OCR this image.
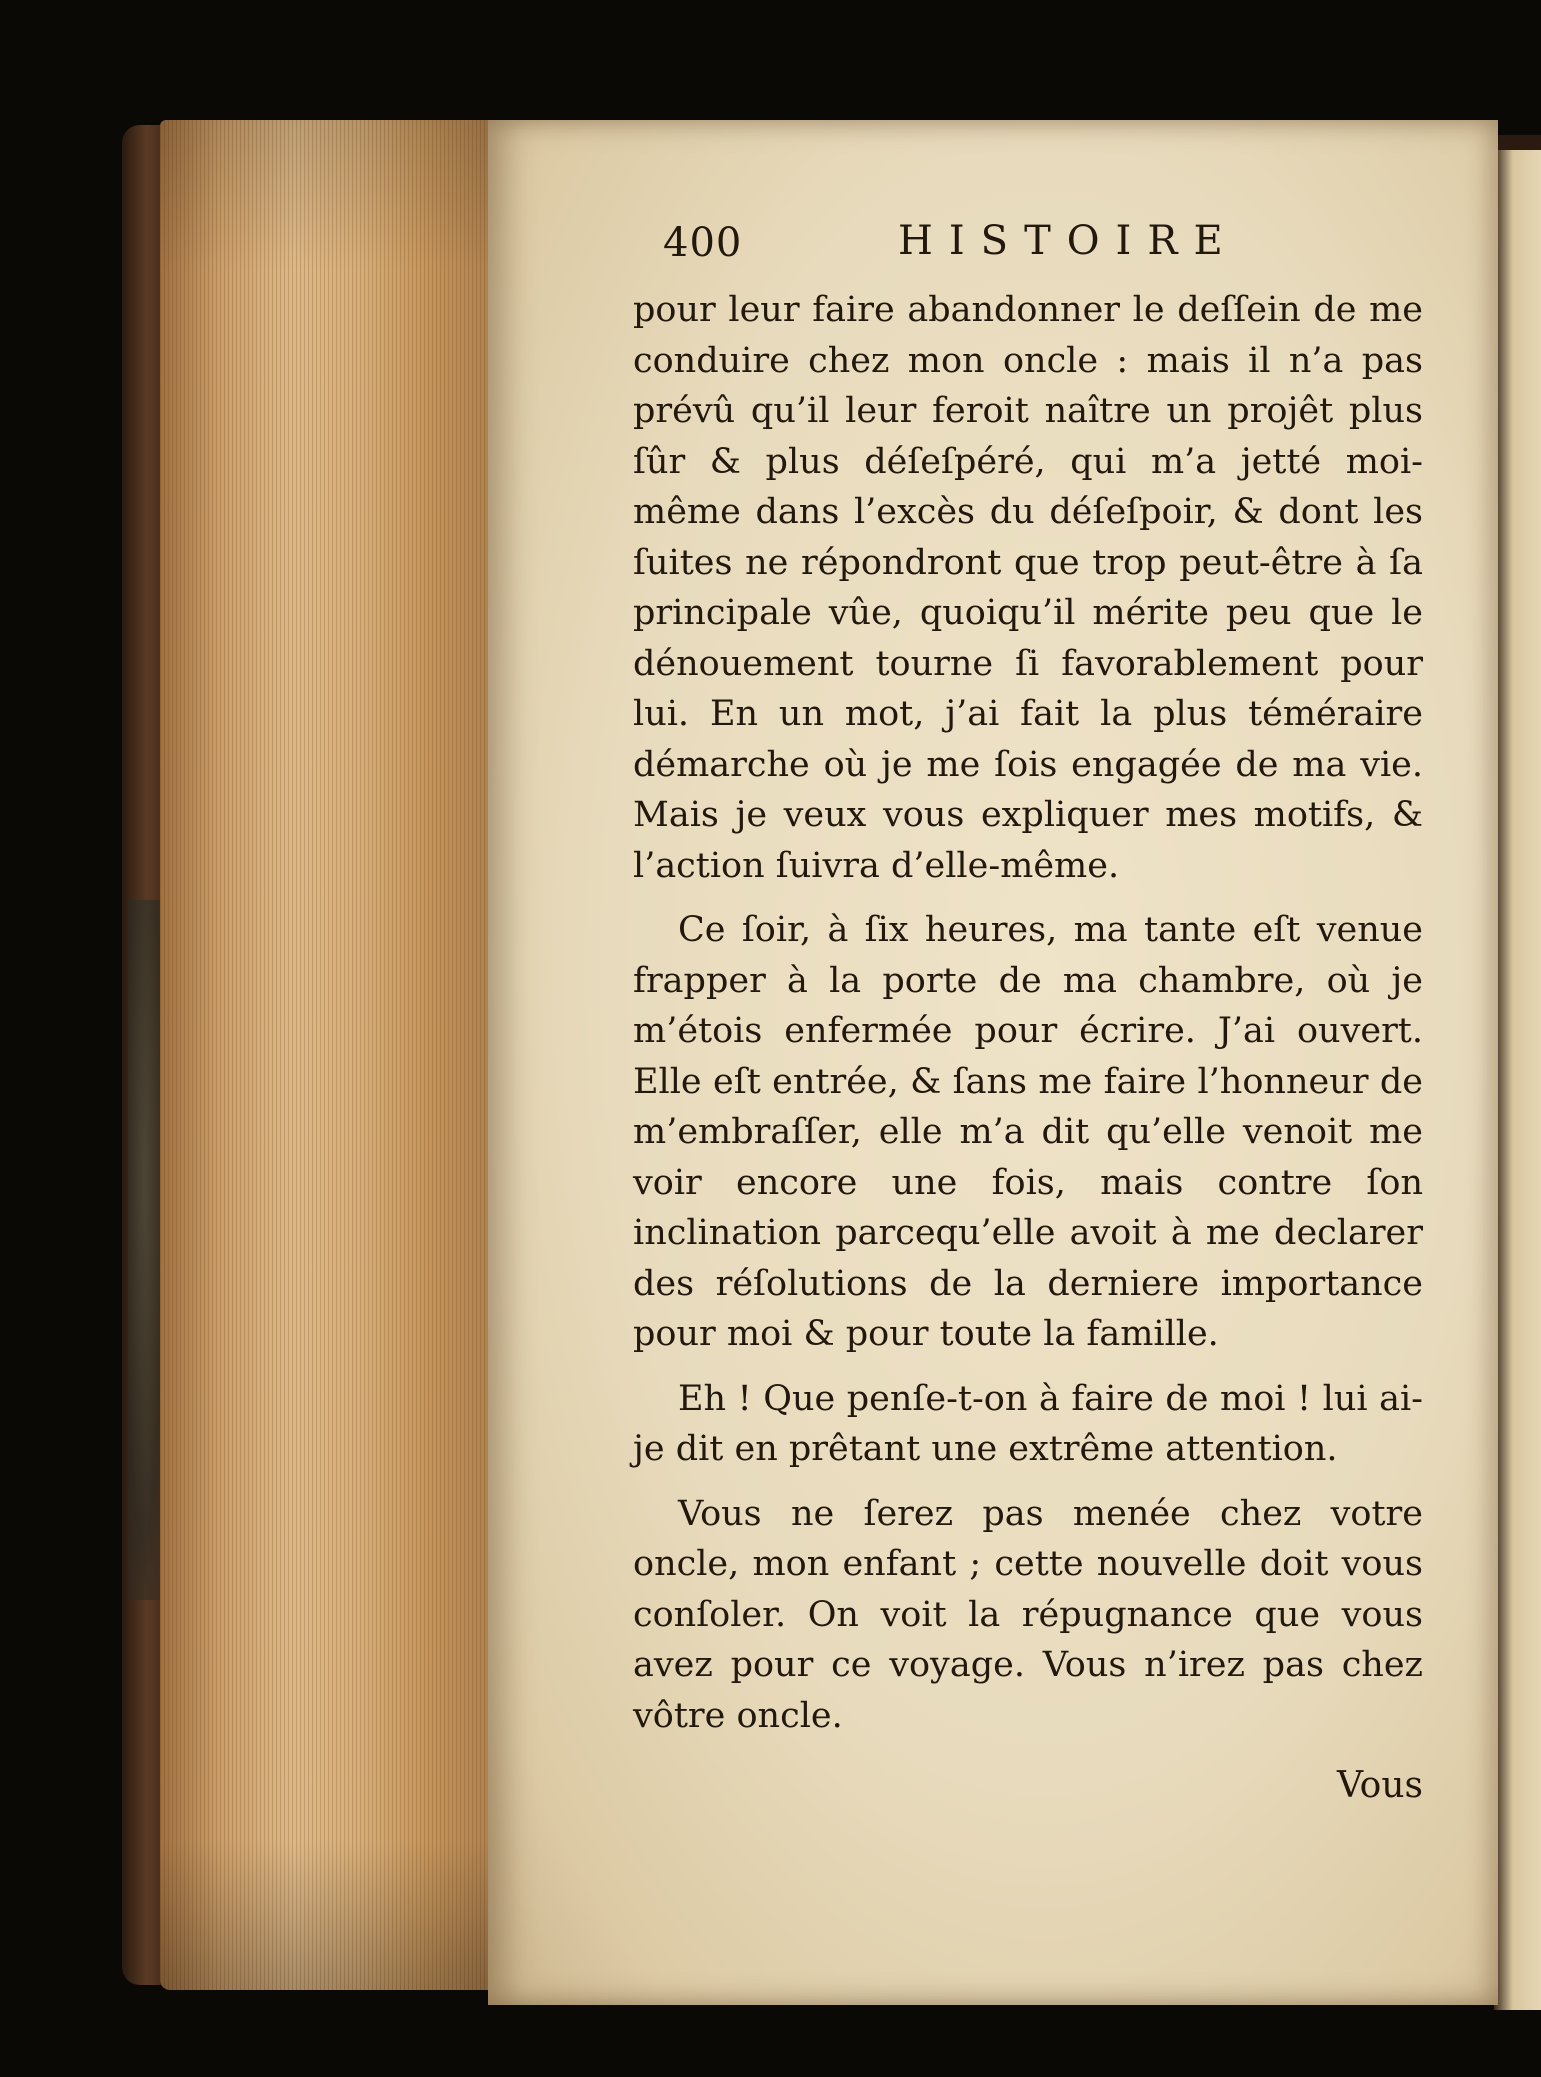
400	HISTOIRE

pour leur faire abandonner le deſſein de me conduire chez mon oncle : mais il n’a pas prévû qu’il leur feroit naître un projêt plus ſûr & plus déſeſpéré, qui m’a jetté moi-même dans l’excès du déſeſpoir, & dont les ſuites ne répondront que trop peut-être à ſa principale vûe, quoiqu’il mérite peu que le dénouement tourne ſi favorablement pour lui. En un mot, j’ai fait la plus téméraire démarche où je me ſois engagée de ma vie. Mais je veux vous expliquer mes motifs, & l’action ſuivra d’elle-même.

Ce ſoir, à ſix heures, ma tante eſt venue frapper à la porte de ma chambre, où je m’étois enfermée pour écrire. J’ai ouvert. Elle eſt entrée, & ſans me faire l’honneur de m’embraſſer, elle m’a dit qu’elle venoit me voir encore une fois, mais contre ſon inclination parcequ’elle avoit à me declarer des réſolutions de la derniere importance pour moi & pour toute la famille.

Eh ! Que penſe-t-on à faire de moi ! lui ai-je dit en prêtant une extrême attention.

Vous ne ſerez pas menée chez votre oncle, mon enfant ; cette nouvelle doit vous conſoler. On voit la répugnance que vous avez pour ce voyage. Vous n’irez pas chez vôtre oncle.

Vous
